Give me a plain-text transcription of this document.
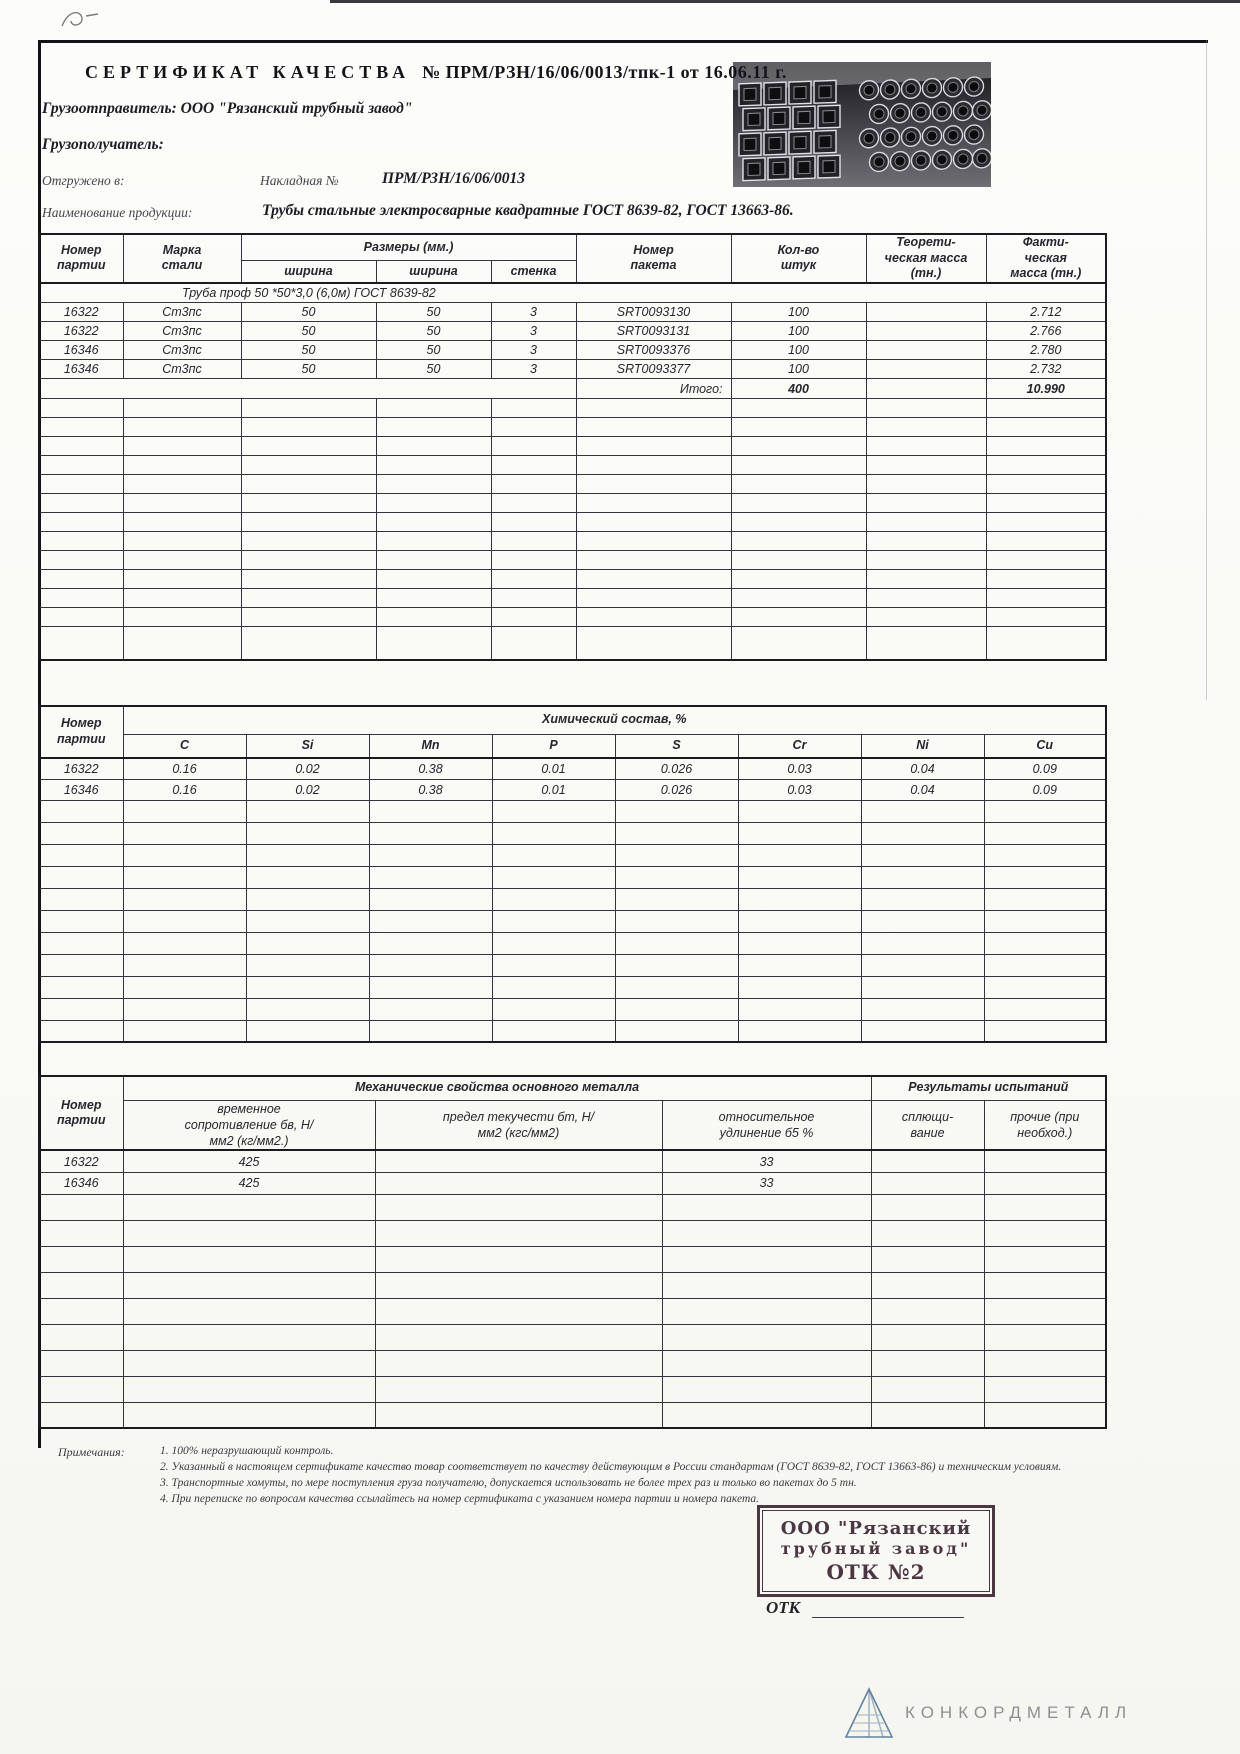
СЕРТИФИКАТ КАЧЕСТВА № ПРМ/РЗН/16/06/0013/тпк-1 от 16.06.11 г.
Грузоотправитель: ООО "Рязанский трубный завод"
Грузополучатель:
Отгружено в:	Накладная №	ПРМ/РЗН/16/06/0013
Наименование продукции:	Трубы стальные электросварные квадратные ГОСТ 8639-82, ГОСТ 13663-86.
Номер партии	Марка стали	Размеры (мм.)			Номер пакета	Кол-во штук	Теорети-ческая масса (тн.)	Факти-ческая масса (тн.)

		ширина	ширина	стенка				
Труба проф 50 *50*3,0 (6,0м) ГОСТ 8639-82								
16322	Ст3пс	50	50	3	SRT0093130	100		2.712
16322	Ст3пс	50	50	3	SRT0093131	100		2.766
16346	Ст3пс	50	50	3	SRT0093376	100		2.780
16346	Ст3пс	50	50	3	SRT0093377	100		2.732
					Итого:	400		10.990

Номер партии	Химический состав, %							
	C	Si	Mn	P	S	Cr	Ni	Cu
16322	0.16	0.02	0.38	0.01	0.026	0.03	0.04	0.09
16346	0.16	0.02	0.38	0.01	0.026	0.03	0.04	0.09

Номер партии	Механические свойства основного металла			Результаты испытаний	

	временное сопротивление бв, Н/мм2 (кг/мм2.)	предел текучести бт, Н/мм2 (кгс/мм2)	относительное удлинение б5 %	сплющи- вание	прочие (при необход.)

16322	425		33		
16346	425		33		

Примечания:	1. 100% неразрушающий контроль.
2. Указанный в настоящем сертификате качество товар соответствует по качеству действующим в России стандартам (ГОСТ 8639-82, ГОСТ 13663-86) и техническим условиям.
3. Транспортные хомуты, по мере поступления груза получателю, допускается использовать не более трех раз и только во пакетах до 5 тн.
4. При переписке по вопросам качества ссылайтесь на номер сертификата с указанием номера партии и номера пакета.
ООО "Рязанский
трубный завод"
ОТК №2
ОТК
КОНКОРДМЕТАЛЛ
